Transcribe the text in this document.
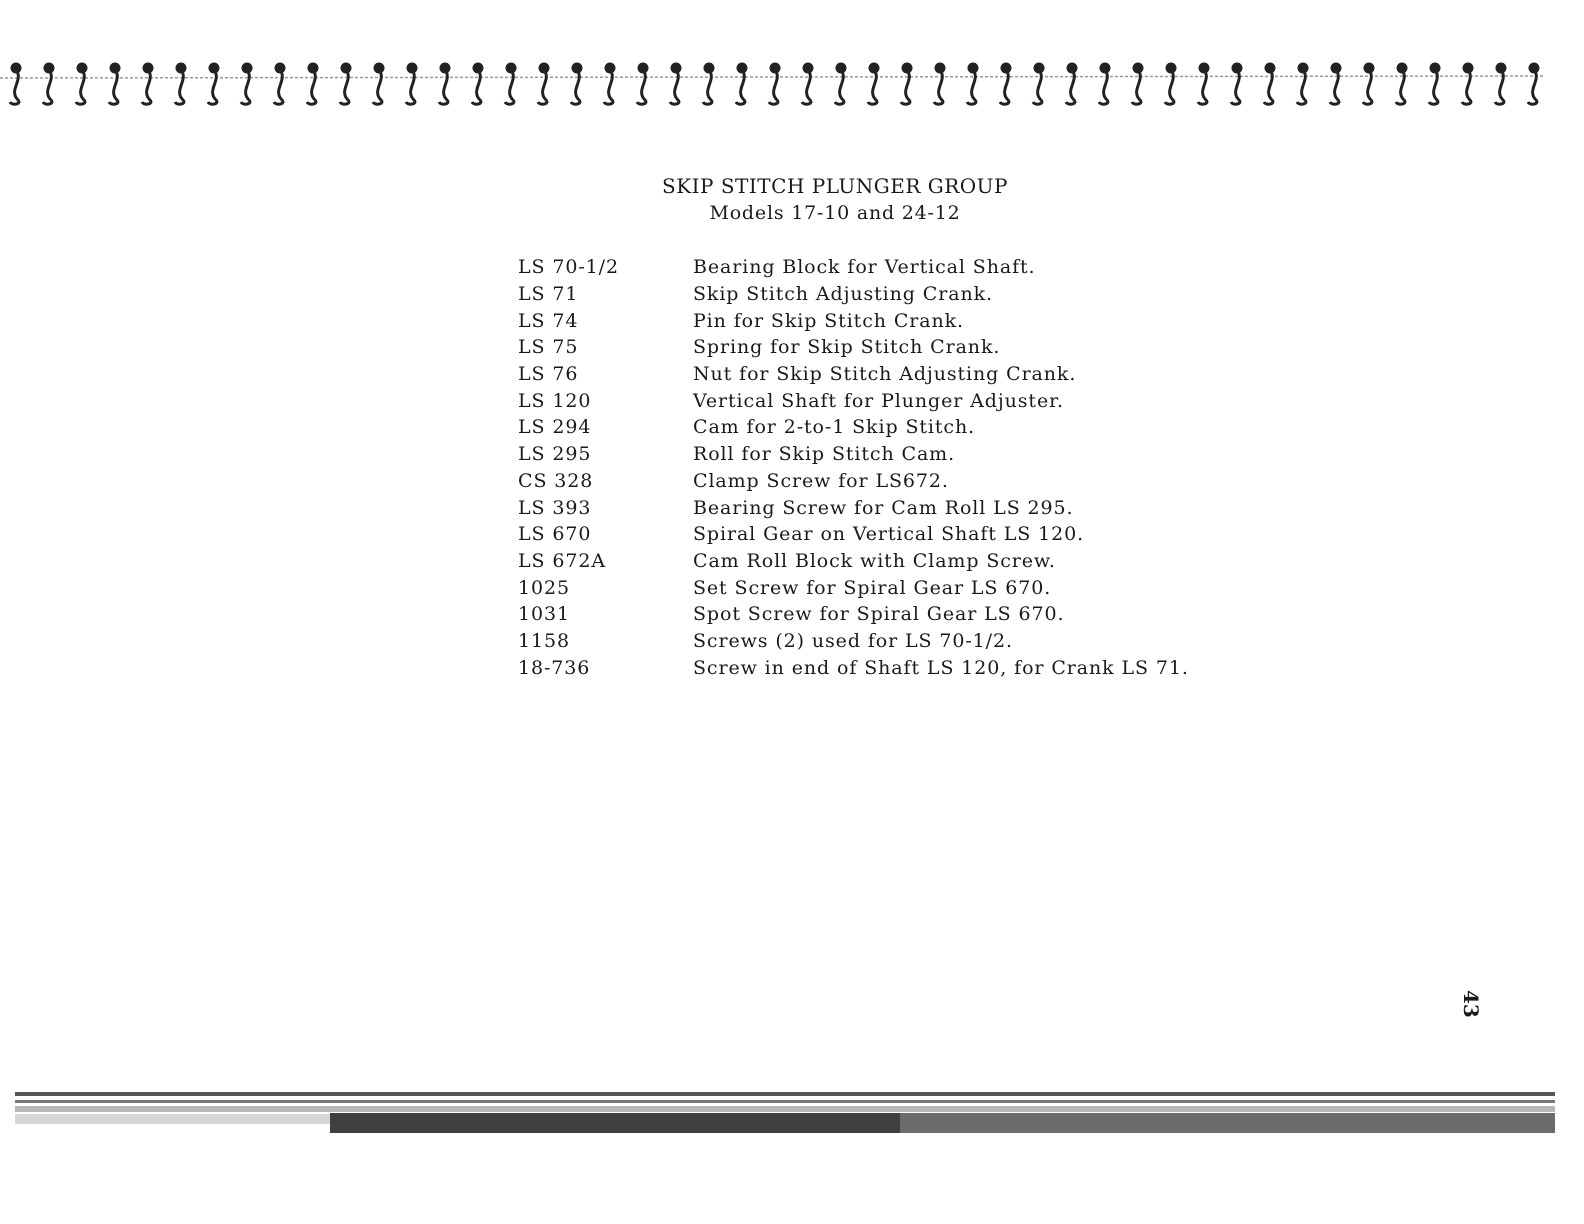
SKIP STITCH PLUNGER GROUP
Models 17-10 and 24-12
LS 70-1/2	Bearing Block for Vertical Shaft.
LS 71	Skip Stitch Adjusting Crank.
LS 74	Pin for Skip Stitch Crank.
LS 75	Spring for Skip Stitch Crank.
LS 76	Nut for Skip Stitch Adjusting Crank.
LS 120	Vertical Shaft for Plunger Adjuster.
LS 294	Cam for 2-to-1 Skip Stitch.
LS 295	Roll for Skip Stitch Cam.
CS 328	Clamp Screw for LS672.
LS 393	Bearing Screw for Cam Roll LS 295.
LS 670	Spiral Gear on Vertical Shaft LS 120.
LS 672A	Cam Roll Block with Clamp Screw.
1025	Set Screw for Spiral Gear LS 670.
1031	Spot Screw for Spiral Gear LS 670.
1158	Screws (2) used for LS 70-1/2.
18-736	Screw in end of Shaft LS 120, for Crank LS 71.
43
